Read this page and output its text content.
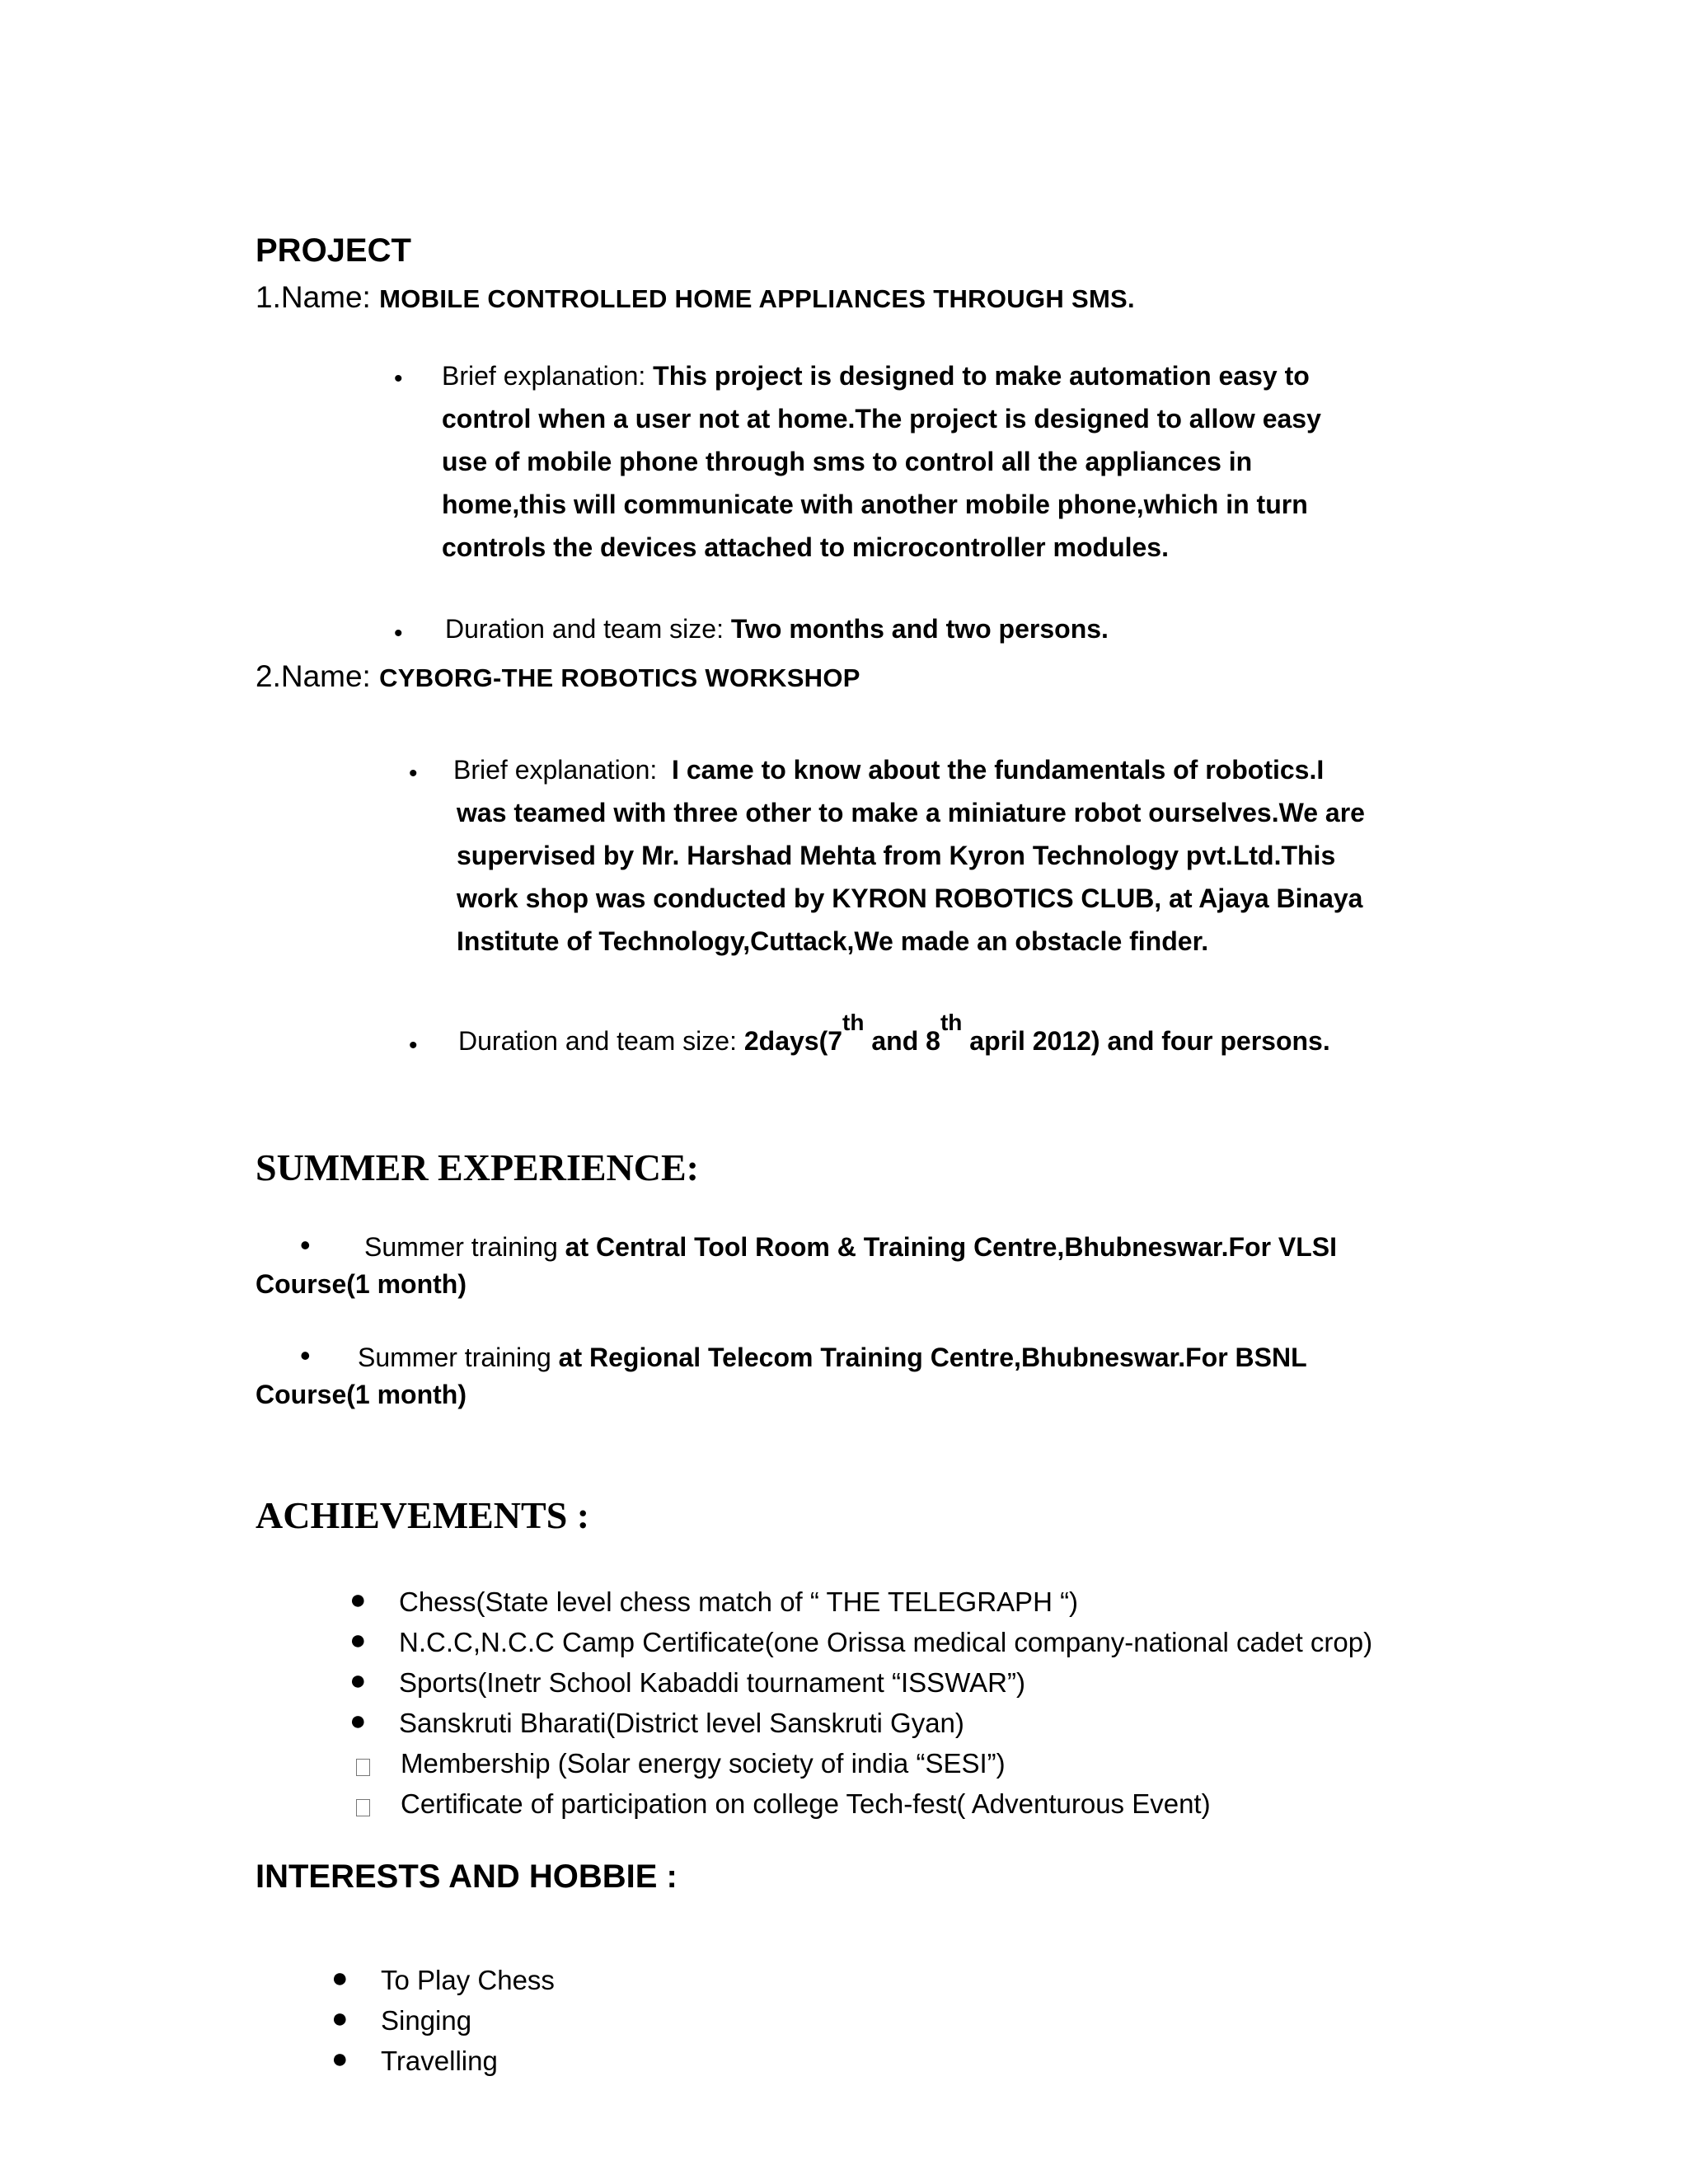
PROJECT
1.Name: MOBILE CONTROLLED HOME APPLIANCES THROUGH SMS.
• Brief explanation: This project is designed to make automation easy to
control when a user not at home.The project is designed to allow easy
use of mobile phone through sms to control all the appliances in
home,this will communicate with another mobile phone,which in turn
controls the devices attached to microcontroller modules.
• Duration and team size: Two months and two persons.
2.Name: CYBORG-THE ROBOTICS WORKSHOP
• Brief explanation: I came to know about the fundamentals of robotics.I
was teamed with three other to make a miniature robot ourselves.We are
supervised by Mr. Harshad Mehta from Kyron Technology pvt.Ltd.This
work shop was conducted by KYRON ROBOTICS CLUB, at Ajaya Binaya
Institute of Technology,Cuttack,We made an obstacle finder.
• Duration and team size: 2days(7th and 8th april 2012) and four persons.
SUMMER EXPERIENCE:
• Summer training at Central Tool Room & Training Centre,Bhubneswar.For VLSI
Course(1 month)
• Summer training at Regional Telecom Training Centre,Bhubneswar.For BSNL
Course(1 month)
ACHIEVEMENTS :
● Chess(State level chess match of “ THE TELEGRAPH “)
● N.C.C,N.C.C Camp Certificate(one Orissa medical company-national cadet crop)
● Sports(Inetr School Kabaddi tournament “ISSWAR”)
● Sanskruti Bharati(District level Sanskruti Gyan)
Membership (Solar energy society of india “SESI”)
Certificate of participation on college Tech-fest( Adventurous Event)
INTERESTS AND HOBBIE :
● To Play Chess
● Singing
● Travelling
